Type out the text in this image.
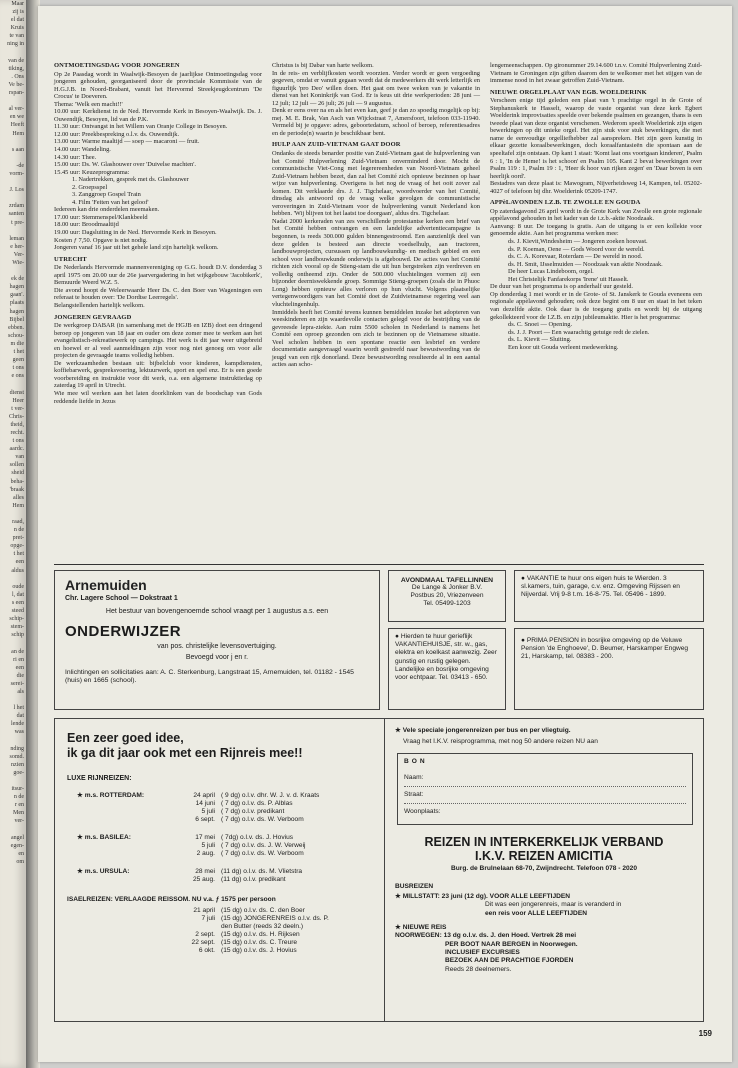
Maar
zij is
el dat
Kruis
te van
ning in

van de
tiking,
. Ons
Ve be-
rspan-

al ver-
en we
Heeft
Hem

s aan

-de
vorm-

J. Los

zrdam
santen
t pre-

leman
e her-
Ver-
Wie-

ek de
hagen
gaan'.
plaats
hagen
Bijbel
ebben.
schou-
m die
t het
geen
t ons
e ons

dienst
Heer
t ver-
Chris-
theid,
recht.
t ons
aardc.
van
sollen
sheid
beha-
'braak
alles
Hem

raad,
n de
pret-
opge-
t het
een
aldus

oude
l, dat
s een
steed
schip-
stem-
schip

an de
ri en
een
die
serei-
als

l het
dat
lende
was

nding
somd.
nzien
goe-

itsur-
n de
r en
Men
ver-

angel
egen-
en
om
ONTMOETINGSDAG VOOR JONGEREN

Op 2e Paasdag wordt in Waalwijk-Besoyen de jaarlijkse Ontmoetingsdag voor jongeren gehouden, georganiseerd door de provinciale Kommissie van de H.G.J.B. in Noord-Brabant, vanuit het Hervormd Streekjeugdcentrum 'De Crocus' te Doeveren.

Thema: 'Welk een macht!!'

10.00 uur: Kerkdienst in de Ned. Hervormde Kerk in Besoyen-Waalwijk. Ds. J. Ouwendijk, Besoyen, lid van de P.K.

11.30 uur: Ontvangst in het Willem van Oranje College in Besoyen.

12.00 uur: Preekbespreking o.l.v. ds. Ouwendijk.

13.00 uur: Warme maaltijd — soep — macaroni — fruit.

14.00 uur: Wandeling.

14.30 uur: Thee.

15.00 uur: Ds. W. Glashouwer over 'Duivelse machten'.

15.45 uur: Keuzeprogramma:

1. Nadertrekken, gesprek met ds. Glashouwer

2. Groepsspel

3. Zanggroep Gospel Train

4. Film 'Feiten van het geloof'

Iedereen kan drie onderdelen meemaken.

17.00 uur: Stemmenspel/Klankbeeld

18.00 uur: Broodmaaltijd

19.00 uur: Dagsluiting in de Ned. Hervormde Kerk in Besoyen.

Kosten ƒ 7,50. Opgave is niet nodig.

Jongeren vanaf 16 jaar uit het gehele land zijn hartelijk welkom.

UTRECHT

De Nederlands Hervormde mannenvereniging op G.G. houdt D.V. donderdag 3 april 1975 om 20.00 uur de 26e jaarvergadering in het wijkgebouw 'Jacobikerk', Bemuurde Weerd W.Z. 5.

Die avond hoopt de Weleerwaarde Heer Ds. C. den Boer van Wageningen een referaat te houden over: 'De Dordtse Leerregels'.

Belangstellenden hartelijk welkom.

JONGEREN GEVRAAGD

De werkgroep DABAR (in samenhang met de HGJB en IZB) doet een dringend beroep op jongeren van 18 jaar en ouder om deze zomer mee te werken aan het evangelistisch-rekreatiewerk op campings. Het werk is dit jaar weer uitgebreid en hoewel er al veel aanmeldingen zijn voor nog niet genoeg om voor alle projecten de gevraagde teams volledig hebben.

De werkzaamheden bestaan uit: bijbelclub voor kinderen, kampdiensten, koffiebarwerk, gespreksvoering, lektuurwerk, sport en spel enz. Er is een goede voorbereiding en instruktie voor dit werk, o.a. een algemene instruktiedag op zaterdag 19 april in Utrecht.

Wie mee wil werken aan het laten doorklinken van de boodschap van Gods reddende liefde in Jezus

Christus is bij Dabar van harte welkom.

In de reis- en verblijfkosten wordt voorzien. Verder wordt er geen vergoeding gegeven, omdat er vanuit gegaan wordt dat de medewerkers dit werk letterlijk en figuurlijk 'pro Deo' willen doen. Het gaat om twee weken van je vakantie in dienst van het Koninkrijk van God. Er is keus uit drie werkperioden: 28 juni — 12 juli; 12 juli — 26 juli; 26 juli — 9 augustus.

Denk er eens over na en als het even kan, geef je dan zo spoedig mogelijk op bij: mej. M. E. Brak, Van Asch van Wijckstraat 7, Amersfoort, telefoon 033-11940. Vermeld bij je opgave: adres, geboortedatum, school of beroep, referentiesadres en de periode(n) waarin je beschikbaar bent.

HULP AAN ZUID-VIETNAM GAAT DOOR

Ondanks de steeds benarder positie van Zuid-Vietnam gaat de hulpverlening van het Comité Hulpverlening Zuid-Vietnam onverminderd door. Mocht de communistische Viet-Cong met legerereenheden van Noord-Vietnam geheel Zuid-Vietnam hebben bezet, dan zal het Comité zich opnieuw bezinnen op haar wijze van hulpverlening. Overigens is het nog de vraag of het ooit zover zal komen. Dit verklaarde drs. J. J. Tigchelaar, woordvoerder van het Comité, dinsdag als antwoord op de vraag welke gevolgen de communistische veroveringen in Zuid-Vietnam voor de hulpverlening vanuit Nederland kon hebben. 'Wij blijven tot het laatst toe doorgaan', aldus drs. Tigchelaar.

Nadat 2000 kerkeraden van zes verschillende protestantse kerken een brief van het Comité hebben ontvangen en een landelijke advertentiecampagne is begonnen, is reeds 300.000 gulden binnengestroomd. Een aanzienlijk deel van deze gelden is besteed aan directe voedselhulp, aan tractoren, landbouwprojecten, cursussen op landbouwkundig- en medisch gebied en een school voor landbouwkunde onderwijs is afgebouwd. De acties van het Comité richten zich vooral op de Stieng-stam die uit hun bergstreken zijn verdreven en volledig ontheemd zijn. Onder de 500.000 vluchtelingen vormen zij een bijzonder deerniswekkende groep. Sommige Stieng-groepen (zoals die in Phuoc Long) hebben opnieuw alles verloren op hun vlucht. Volgens plaatselijke vertegenwoordigers van het Comité doet de Zuidvietnamese regering veel aan vluchtelingenhulp.

Inmiddels heeft het Comité tevens kunnen bemiddelen inzake het adopteren van weeskinderen en zijn waardevolle contacten gelegd voor de bestrijding van de gevreesde lepra-ziekte. Aan ruim 5500 scholen in Nederland is namens het Comité een oproep gezonden om zich te bezinnen op de Vietnamese situatie. Veel scholen hebben in een spontane reactie een lesbrief en verdere documentatie aangevraagd waarin wordt gestreefd naar bewustwording van de jeugd van een rijk donorland. Deze bewustwording resulteerde al in een aantal acties aan scho-

lengemeenschappen. Op gironummer 29.14.600 t.n.v. Comité Hulpverlening Zuid-Vietnam te Groningen zijn giften daarom den te welkomer met het stijgen van de immense nood in het zwaar getroffen Zuid-Vietnam.

NIEUWE ORGELPLAAT VAN EGB. WOELDERINK

Verscheen enige tijd geleden een plaat van 't prachtige orgel in de Grote of Stephanuskerk te Hasselt, waarop de vaste organist van deze kerk Egbert Woelderink improvisaties speelde over bekende psalmen en gezangen, thans is een tweede plaat van deze organist verschenen. Wederom speelt Woelderink zijn eigen bewerkingen op dit unieke orgel. Het zijn stuk voor stuk bewerkingen, die met name de eenvoudige orgelliefhebber zal aanspreken. Het zijn geen kunstig in elkaar gezette koraalbewerkingen, doch koraalfantasieën die spontaan aan de speeltafel zijn ontstaan. Op kant 1 staat: 'Komt laat ons voortgaan kinderen', Psalm 6 : 1, 'In de Heme! is het schoon' en Psalm 105. Kant 2 bevat bewerkingen over Psalm 119 : 1, Psalm 19 : 1, 'Heer ik hoor van rijken zegen' en 'Daar boven is een heerlijk oord'.

Bestadres van deze plaat is: Mawogram, Nijverheidsweg 14, Kampen, tel. 05202-4027 of telefoon bij dhr. Woelderink 05209-1747.

APPèLAVONDEN I.Z.B. TE ZWOLLE EN GOUDA

Op zaterdagavond 26 april wordt in de Grote Kerk van Zwolle een grote regionale appèlavond gehouden in het kader van de i.z.b.-aktie Noodzaak.

Aanvang: 8 uur. De toegang is gratis. Aan de uitgang is er een kollekte voor genoemde aktie. Aan het programma werken mee:

ds. J. Kievit,Windesheim — Jongeren zoeken houvast.

ds. P. Koeman, Oene — Gods Woord voor de wereld.

ds. C. A. Korevaar, Roterdam — De wereld in nood.

ds. H. Smit, IJsselmuiden — Noodzaak van aktie Noodzaak.

De heer Lucas Lindeboom, orgel.

Het Christelijk Fanfarekorps 'Irene' uit Hasselt.

De duur van het programma is op anderhalf uur gesteld.

Op donderdag 1 mei wordt er in de Grote- of St. Janskerk te Gouda eveneens een regionale appèlavond gehouden; ook deze begint om 8 uur en staat in het teken van dezelfde aktie. Ook daar is de toegang gratis en wordt bij de uitgang gekollekteerd voor de I.Z.B. en zijn jubileumaktie. Hier is het programma:

ds. C. Snoei — Opening.

ds. J. J. Poort — Een waarachtig getuige redt de zielen.

ds. L. Kievit — Sluiting.

Een koor uit Gouda verleent medewerking.

Arnemuiden
Chr. Lagere School — Dokstraat 1
Het bestuur van bovengenoemde school vraagt per 1 augustus a.s. een
ONDERWIJZER
van pos. christelijke levensovertuiging.
Bevoegd voor j en r.
Inlichtingen en sollicitaties aan: A. C. Sterkenburg, Langstraat 15, Arnemuiden, tel. 01182 - 1545 (huis) en 1665 (school).
AVONDMAAL TAFELLINNEN
De Lange & Jonker B.V.
Postbus 20, Vriezenveen
Tel. 05499-1203
● VAKANTIE te huur ons eigen huis te Wierden. 3 sl.kamers, tuin, garage, c.v. enz. Omgeving Rijssen en Nijverdal. Vrij 9-8 t.m. 16-8-'75. Tel. 05496 - 1899.
● Hierden te huur gerieflijk VAKANTIEHUISJE, str. w., gas, elektra en koelkast aanwezig. Zeer gunstig en rustig gelegen. Landelijke en bosrijke omgeving voor echtpaar. Tel. 03413 - 650.
● PRIMA PENSION in bosrijke omgeving op de Veluwe Pension 'de Enghoeve', D. Beumer, Harskamper Engweg 21, Harskamp, tel. 08383 - 200.
Een zeer goed idee,
ik ga dit jaar ook met een Rijnreis mee!!
LUXE RIJNREIZEN:
★ m.s. ROTTERDAM:	24 april ( 9 dg) o.l.v. dhr. W. J. v. d. Kraats
14 juni ( 7 dg) o.l.v. ds. P. Alblas
5 juli ( 7 dg) o.l.v. predikant
6 sept. ( 7 dg) o.l.v. ds. W. Verboom
★ m.s. BASILEA:	17 mei ( 7dg) o.l.v. ds. J. Hovius
5 juli ( 7 dg) o.l.v. ds. J. W. Verweij
2 aug. ( 7 dg) o.l.v. ds. W. Verboom
★ m.s. URSULA:	28 mei (11 dg) o.l.v. ds. M. Vlietstra
25 aug. (11 dg) o.l.v. predikant
ISAELREIZEN: VERLAAGDE REISSOM. NU v.a. ƒ 1575 per persoon
21 april (15 dg) o.l.v. ds. C. den Boer
7 juli (15 dg) JONGERENREIS o.l.v. ds. P.
den Butter (reeds 32 deeln.)
2 sept. (15 dg) o.l.v. ds. H. Rijksen
22 sept. (15 dg) o.l.v. ds. C. Treure
6 okt. (15 dg) o.l.v. ds. J. Hovius
★ Vele speciale jongerenreizen per bus en per vliegtuig.
Vraag het I.K.V. reisprogramma, met nog 50 andere reizen NU aan
BON
Naam:
Straat:
Woonplaats:
REIZEN IN INTERKERKELIJK VERBAND
I.K.V. REIZEN AMICITIA
Burg. de Brulnelaan 68-70, Zwijndrecht. Telefoon 078 - 2020
BUSREIZEN
★ MILLSTATT: 23 juni (12 dg). VOOR ALLE LEEFTIJDEN
Dit was een jongerenreis, maar is veranderd in
een reis voor ALLE LEEFTIJDEN
★ NIEUWE REIS
NOORWEGEN: 13 dg o.l.v. ds. J. den Hoed. Vertrek 28 mei
PER BOOT NAAR BERGEN in Noorwegen.
INCLUSIEF EXCURSIES
BEZOEK AAN DE PRACHTIGE FJORDEN
Reeds 28 deelnemers.
159
